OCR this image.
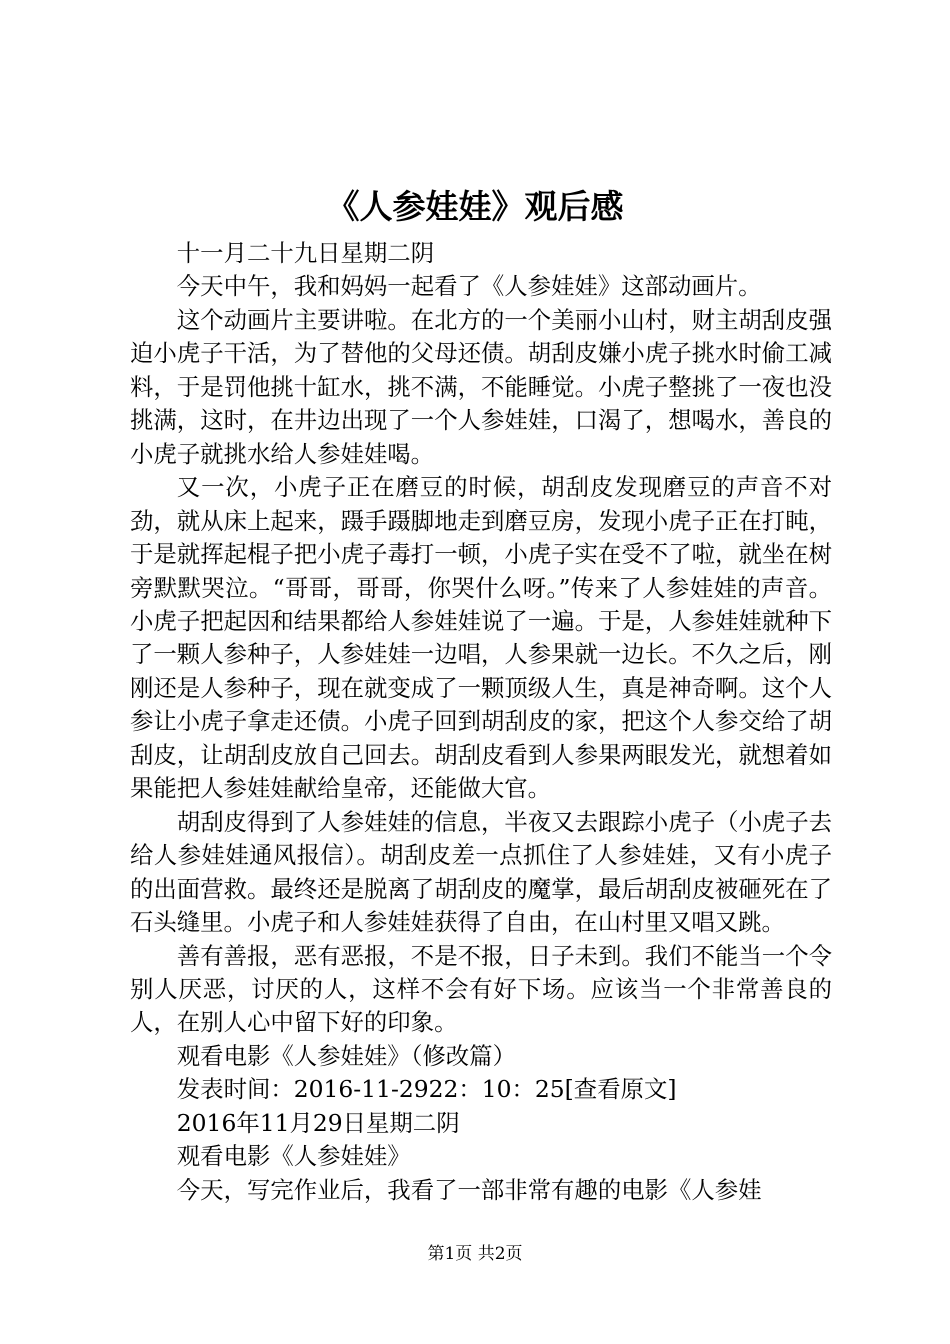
《人参娃娃》观后感

十一月二十九日星期二阴

今天中午，我和妈妈一起看了《人参娃娃》这部动画片。

这个动画片主要讲啦。在北方的一个美丽小山村，财主胡刮皮强迫小虎子干活，为了替他的父母还债。胡刮皮嫌小虎子挑水时偷工减料，于是罚他挑十缸水，挑不满，不能睡觉。小虎子整挑了一夜也没挑满，这时，在井边出现了一个人参娃娃，口渴了，想喝水，善良的小虎子就挑水给人参娃娃喝。

又一次，小虎子正在磨豆的时候，胡刮皮发现磨豆的声音不对劲，就从床上起来，蹑手蹑脚地走到磨豆房，发现小虎子正在打盹，于是就挥起棍子把小虎子毒打一顿，小虎子实在受不了啦，就坐在树旁默默哭泣。“哥哥，哥哥，你哭什么呀。”传来了人参娃娃的声音。小虎子把起因和结果都给人参娃娃说了一遍。于是，人参娃娃就种下了一颗人参种子，人参娃娃一边唱，人参果就一边长。不久之后，刚刚还是人参种子，现在就变成了一颗顶级人生，真是神奇啊。这个人参让小虎子拿走还债。小虎子回到胡刮皮的家，把这个人参交给了胡刮皮，让胡刮皮放自己回去。胡刮皮看到人参果两眼发光，就想着如果能把人参娃娃献给皇帝，还能做大官。

胡刮皮得到了人参娃娃的信息，半夜又去跟踪小虎子（小虎子去给人参娃娃通风报信）。胡刮皮差一点抓住了人参娃娃，又有小虎子的出面营救。最终还是脱离了胡刮皮的魔掌，最后胡刮皮被砸死在了石头缝里。小虎子和人参娃娃获得了自由，在山村里又唱又跳。

善有善报，恶有恶报，不是不报，日子未到。我们不能当一个令别人厌恶，讨厌的人，这样不会有好下场。应该当一个非常善良的人，在别人心中留下好的印象。

观看电影《人参娃娃》（修改篇）

发表时间：2016-11-2922：10：25[查看原文]

2016年11月29日星期二阴

观看电影《人参娃娃》

今天，写完作业后，我看了一部非常有趣的电影《人参娃

第1页 共2页
